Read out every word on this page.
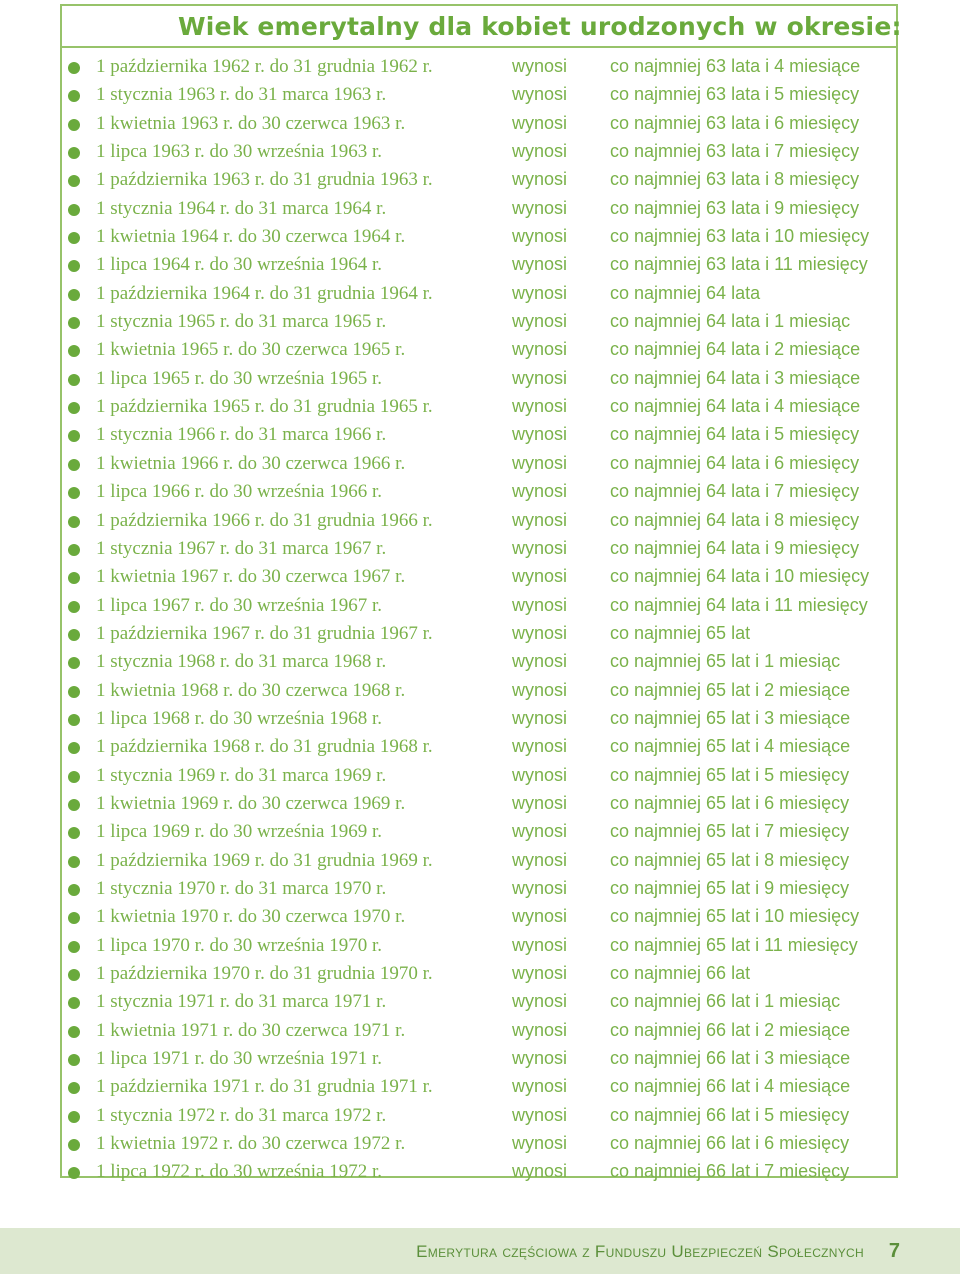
Wiek emerytalny dla kobiet urodzonych w okresie:
1 października 1962 r. do 31 grudnia 1962 r.	wynosi co najmniej 63 lata i 4 miesiące
1 stycznia 1963 r. do 31 marca 1963 r.	wynosi co najmniej 63 lata i 5 miesięcy
1 kwietnia 1963 r. do 30 czerwca 1963 r.	wynosi co najmniej 63 lata i 6 miesięcy
1 lipca 1963 r. do 30 września 1963 r.	wynosi co najmniej 63 lata i 7 miesięcy
1 października 1963 r. do 31 grudnia 1963 r.	wynosi co najmniej 63 lata i 8 miesięcy
1 stycznia 1964 r. do 31 marca 1964 r.	wynosi co najmniej 63 lata i 9 miesięcy
1 kwietnia 1964 r. do 30 czerwca 1964 r.	wynosi co najmniej 63 lata i 10 miesięcy
1 lipca 1964 r. do 30 września 1964 r.	wynosi co najmniej 63 lata i 11 miesięcy
1 października 1964 r. do 31 grudnia 1964 r.	wynosi co najmniej 64 lata
1 stycznia 1965 r. do 31 marca 1965 r.	wynosi co najmniej 64 lata i 1 miesiąc
1 kwietnia 1965 r. do 30 czerwca 1965 r.	wynosi co najmniej 64 lata i 2 miesiące
1 lipca 1965 r. do 30 września 1965 r.	wynosi co najmniej 64 lata i 3 miesiące
1 października 1965 r. do 31 grudnia 1965 r.	wynosi co najmniej 64 lata i 4 miesiące
1 stycznia 1966 r. do 31 marca 1966 r.	wynosi co najmniej 64 lata i 5 miesięcy
1 kwietnia 1966 r. do 30 czerwca 1966 r.	wynosi co najmniej 64 lata i 6 miesięcy
1 lipca 1966 r. do 30 września 1966 r.	wynosi co najmniej 64 lata i 7 miesięcy
1 października 1966 r. do 31 grudnia 1966 r.	wynosi co najmniej 64 lata i 8 miesięcy
1 stycznia 1967 r. do 31 marca 1967 r.	wynosi co najmniej 64 lata i 9 miesięcy
1 kwietnia 1967 r. do 30 czerwca 1967 r.	wynosi co najmniej 64 lata i 10 miesięcy
1 lipca 1967 r. do 30 września 1967 r.	wynosi co najmniej 64 lata i 11 miesięcy
1 października 1967 r. do 31 grudnia 1967 r.	wynosi co najmniej 65 lat
1 stycznia 1968 r. do 31 marca 1968 r.	wynosi co najmniej 65 lat i 1 miesiąc
1 kwietnia 1968 r. do 30 czerwca 1968 r.	wynosi co najmniej 65 lat i 2 miesiące
1 lipca 1968 r. do 30 września 1968 r.	wynosi co najmniej 65 lat i 3 miesiące
1 października 1968 r. do 31 grudnia 1968 r.	wynosi co najmniej 65 lat i 4 miesiące
1 stycznia 1969 r. do 31 marca 1969 r.	wynosi co najmniej 65 lat i 5 miesięcy
1 kwietnia 1969 r. do 30 czerwca 1969 r.	wynosi co najmniej 65 lat i 6 miesięcy
1 lipca 1969 r. do 30 września 1969 r.	wynosi co najmniej 65 lat i 7 miesięcy
1 października 1969 r. do 31 grudnia 1969 r.	wynosi co najmniej 65 lat i 8 miesięcy
1 stycznia 1970 r. do 31 marca 1970 r.	wynosi co najmniej 65 lat i 9 miesięcy
1 kwietnia 1970 r. do 30 czerwca 1970 r.	wynosi co najmniej 65 lat i 10 miesięcy
1 lipca 1970 r. do 30 września 1970 r.	wynosi co najmniej 65 lat i 11 miesięcy
1 października 1970 r. do 31 grudnia 1970 r.	wynosi co najmniej 66 lat
1 stycznia 1971 r. do 31 marca 1971 r.	wynosi co najmniej 66 lat i 1 miesiąc
1 kwietnia 1971 r. do 30 czerwca 1971 r.	wynosi co najmniej 66 lat i 2 miesiące
1 lipca 1971 r. do 30 września 1971 r.	wynosi co najmniej 66 lat i 3 miesiące
1 października 1971 r. do 31 grudnia 1971 r.	wynosi co najmniej 66 lat i 4 miesiące
1 stycznia 1972 r. do 31 marca 1972 r.	wynosi co najmniej 66 lat i 5 miesięcy
1 kwietnia 1972 r. do 30 czerwca 1972 r.	wynosi co najmniej 66 lat i 6 miesięcy
1 lipca 1972 r. do 30 września 1972 r.	wynosi co najmniej 66 lat i 7 miesięcy
Emerytura częściowa z Funduszu Ubezpieczeń Społecznych 7
